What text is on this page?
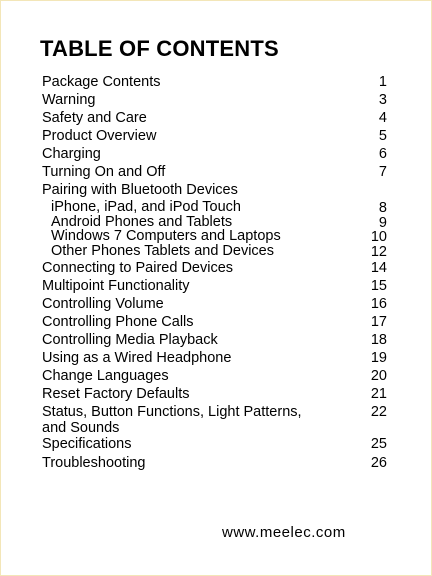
TABLE OF CONTENTS
Package Contents	1
Warning	3
Safety and Care	4
Product Overview	5
Charging	6
Turning On and Off	7
Pairing with Bluetooth Devices
iPhone, iPad, and iPod Touch	8
Android Phones and Tablets	9
Windows 7 Computers and Laptops	10
Other Phones Tablets and Devices	12
Connecting to Paired Devices	14
Multipoint Functionality	15
Controlling Volume	16
Controlling Phone Calls	17
Controlling Media Playback	18
Using as a Wired Headphone	19
Change Languages	20
Reset Factory Defaults	21
Status, Button Functions, Light Patterns,
and Sounds
22
Specifications	25
Troubleshooting	26
www.meelec.com
